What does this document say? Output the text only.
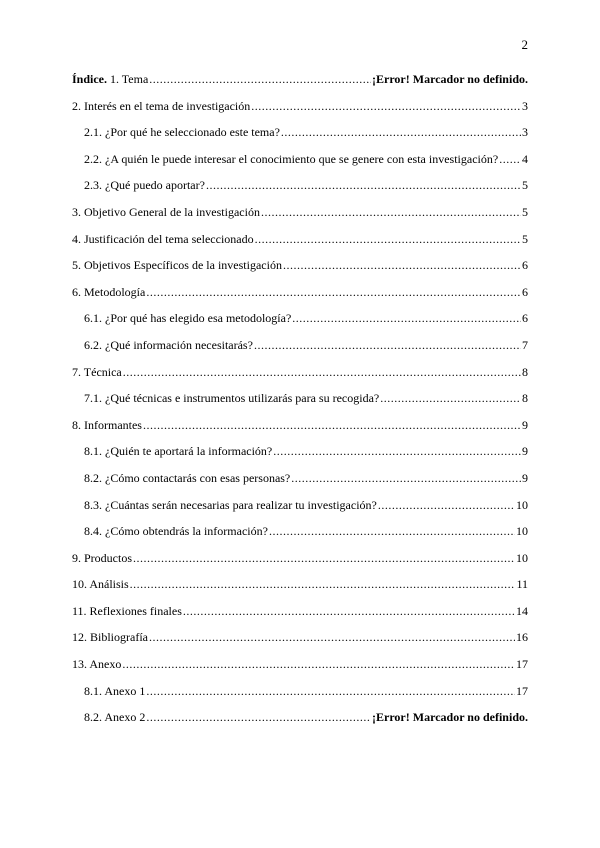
2
Índice. 1. Tema .....	¡Error! Marcador no definido.
2. Interés en el tema de investigación .....	3
2.1. ¿Por qué he seleccionado este tema? .....	3
2.2. ¿A quién le puede interesar el conocimiento que se genere con esta investigación? ..... 4
2.3. ¿Qué puedo aportar? .....	5
3. Objetivo General de la investigación .....	5
4. Justificación del tema seleccionado .....	5
5. Objetivos Específicos de la investigación .....	6
6. Metodología .....	6
6.1. ¿Por qué has elegido esa metodología? .....	6
6.2. ¿Qué información necesitarás? .....	7
7. Técnica .....	8
7.1. ¿Qué técnicas e instrumentos utilizarás para su recogida? .....	8
8. Informantes .....	9
8.1. ¿Quién te aportará la información? .....	9
8.2. ¿Cómo contactarás con esas personas? .....	9
8.3. ¿Cuántas serán necesarias para realizar tu investigación? .....	10
8.4. ¿Cómo obtendrás la información? .....	10
9. Productos .....	10
10. Análisis .....	11
11. Reflexiones finales .....	14
12. Bibliografía .....	16
13. Anexo .....	17
8.1. Anexo 1 .....	17
8.2. Anexo 2 .....	¡Error! Marcador no definido.
